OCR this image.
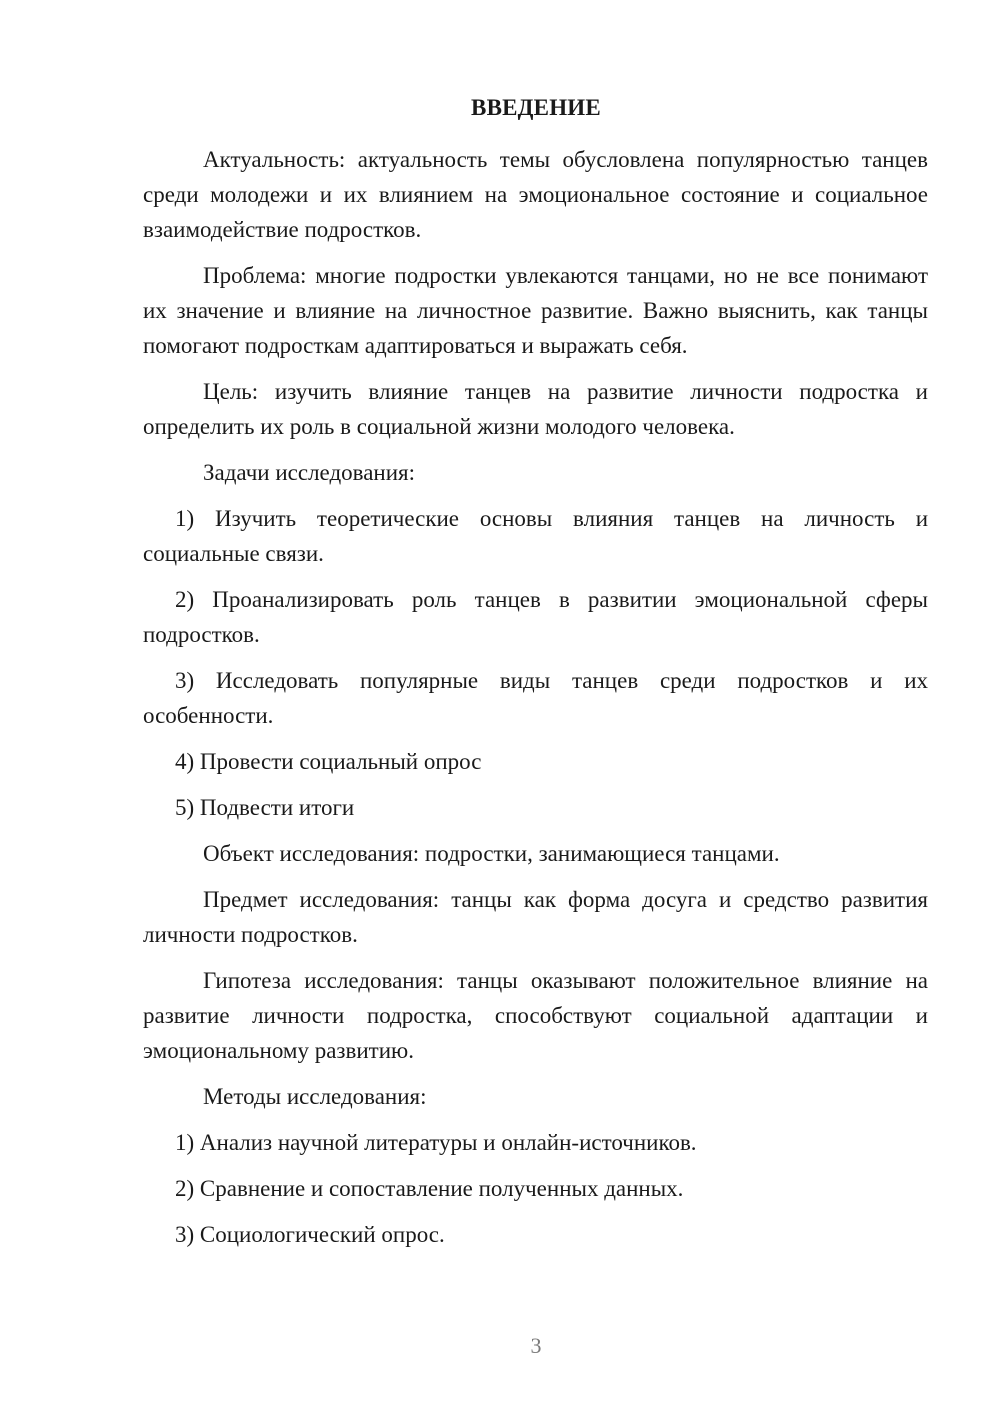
ВВЕДЕНИЕ

Актуальность: актуальность темы обусловлена популярностью танцев среди молодежи и их влиянием на эмоциональное состояние и социальное взаимодействие подростков.

Проблема: многие подростки увлекаются танцами, но не все понимают их значение и влияние на личностное развитие. Важно выяснить, как танцы помогают подросткам адаптироваться и выражать себя.

Цель: изучить влияние танцев на развитие личности подростка и определить их роль в социальной жизни молодого человека.

Задачи исследования:

1) Изучить теоретические основы влияния танцев на личность и социальные связи.

2) Проанализировать роль танцев в развитии эмоциональной сферы подростков.

3) Исследовать популярные виды танцев среди подростков и их особенности.

4) Провести социальный опрос

5) Подвести итоги

Объект исследования: подростки, занимающиеся танцами.

Предмет исследования: танцы как форма досуга и средство развития личности подростков.

Гипотеза исследования: танцы оказывают положительное влияние на развитие личности подростка, способствуют социальной адаптации и эмоциональному развитию.

Методы исследования:

1) Анализ научной литературы и онлайн-источников.

2) Сравнение и сопоставление полученных данных.

3) Социологический опрос.

3
